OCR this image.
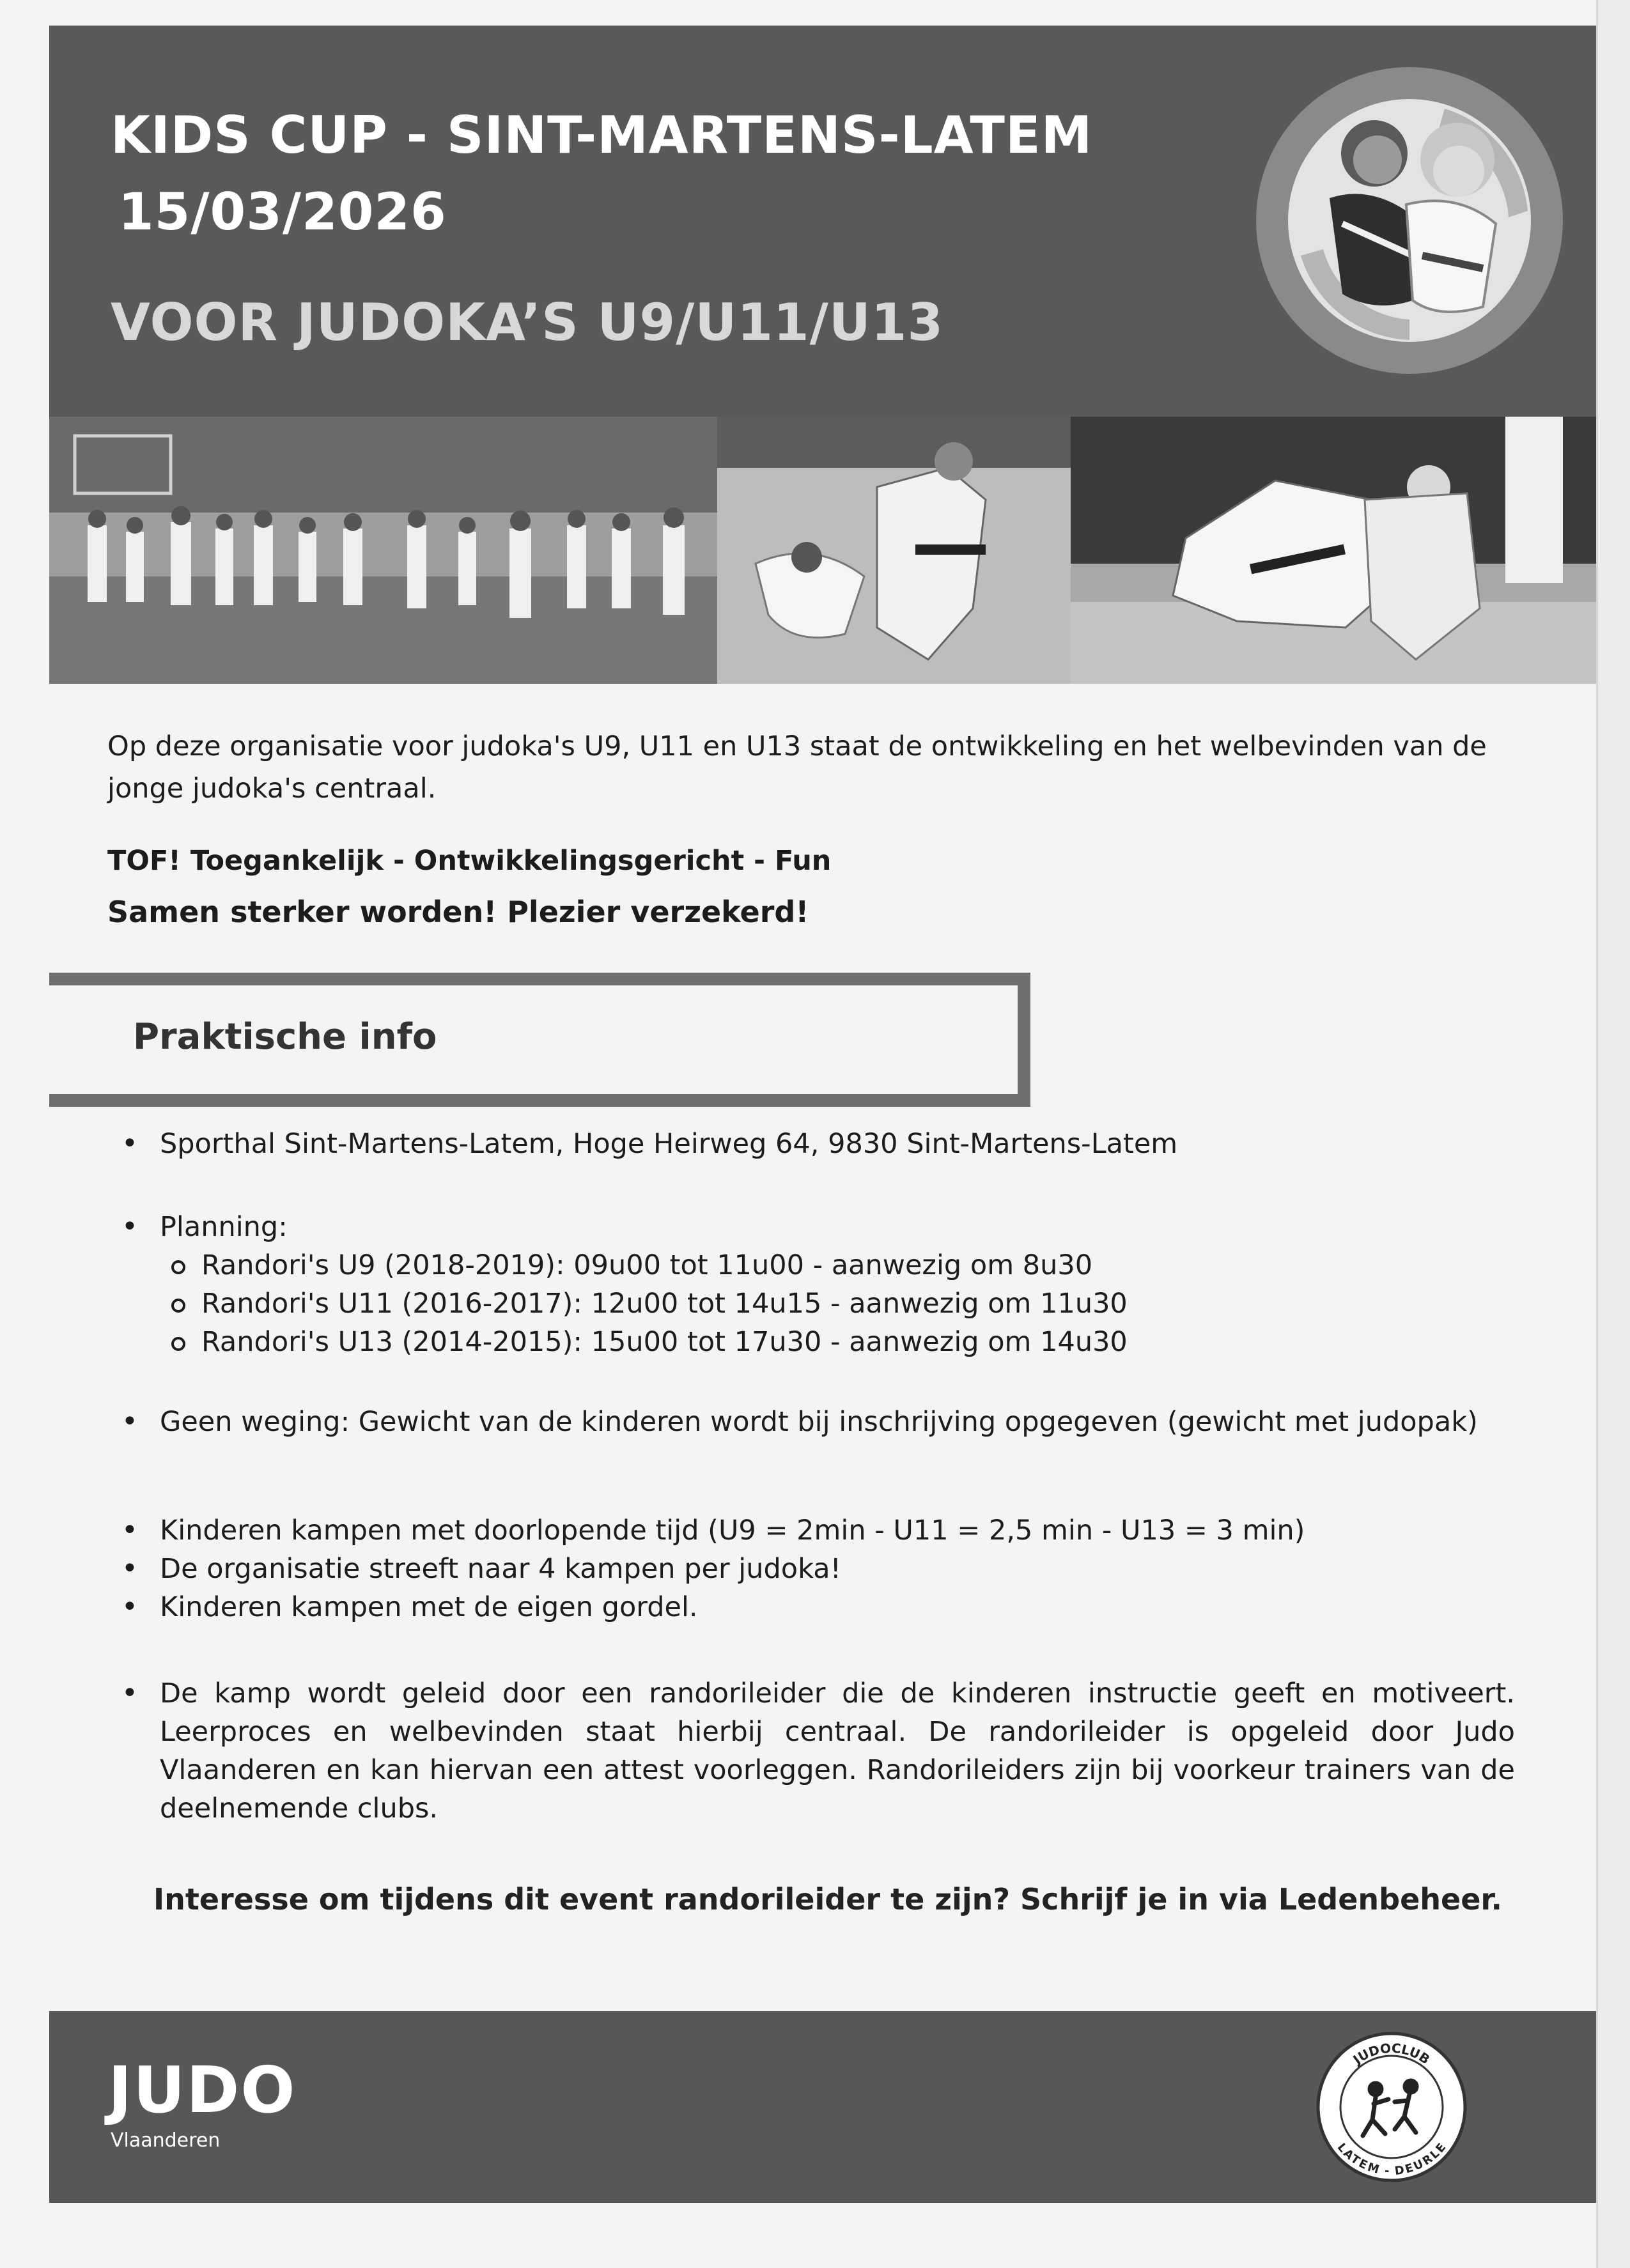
KIDS CUP - SINT-MARTENS-LATEM
15/03/2026
VOOR JUDOKA’S U9/U11/U13

Op deze organisatie voor judoka's U9, U11 en U13 staat de ontwikkeling en het welbevinden van de jonge judoka's centraal.

TOF! Toegankelijk - Ontwikkelingsgericht - Fun

Samen sterker worden! Plezier verzekerd!

Praktische info
• Sporthal Sint-Martens-Latem, Hoge Heirweg 64, 9830 Sint-Martens-Latem
• Planning:
Randori's U9 (2018-2019): 09u00 tot 11u00 - aanwezig om 8u30
Randori's U11 (2016-2017): 12u00 tot 14u15 - aanwezig om 11u30
Randori's U13 (2014-2015): 15u00 tot 17u30 - aanwezig om 14u30
• Geen weging: Gewicht van de kinderen wordt bij inschrijving opgegeven (gewicht met judopak)
• Kinderen kampen met doorlopende tijd (U9 = 2min - U11 = 2,5 min - U13 = 3 min)
• De organisatie streeft naar 4 kampen per judoka!
• Kinderen kampen met de eigen gordel.
• De kamp wordt geleid door een randorileider die de kinderen instructie geeft en motiveert. Leerproces en welbevinden staat hierbij centraal. De randorileider is opgeleid door Judo Vlaanderen en kan hiervan een attest voorleggen. Randorileiders zijn bij voorkeur trainers van de deelnemende clubs.

Interesse om tijdens dit event randorileider te zijn? Schrijf je in via Ledenbeheer.

JUDO

Vlaanderen

JUDOCLUB
LATEM - DEURLE
